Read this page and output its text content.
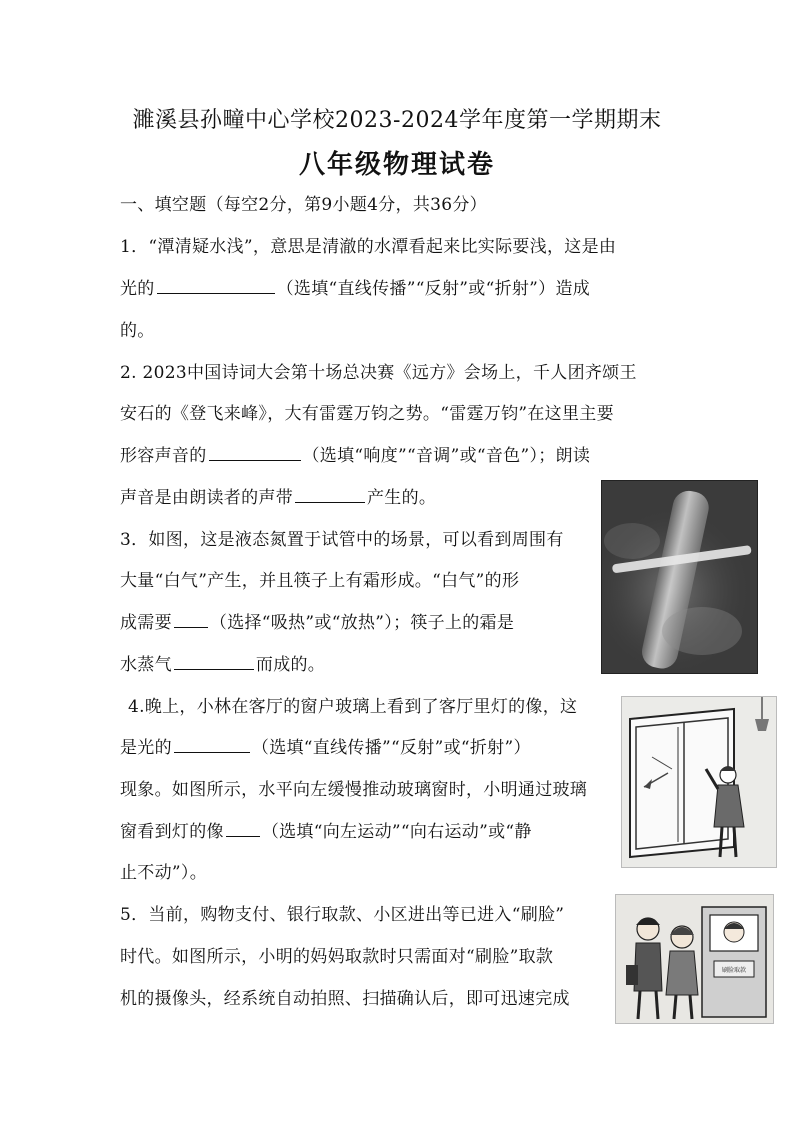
濉溪县孙疃中心学校2023-2024学年度第一学期期末
八年级物理试卷
一、填空题（每空2分，第9小题4分，共36分）
1．“潭清疑水浅”，意思是清澈的水潭看起来比实际要浅，这是由
光的	（选填“直线传播”“反射”或“折射”）造成
的。
2. 2023中国诗词大会第十场总决赛《远方》会场上，千人团齐颂王
安石的《登飞来峰》，大有雷霆万钧之势。“雷霆万钧”在这里主要
形容声音的	（选填“响度”“音调”或“音色”）；朗读
声音是由朗读者的声带	产生的。
3．如图，这是液态氮置于试管中的场景，可以看到周围有
大量“白气”产生，并且筷子上有霜形成。“白气”的形
成需要 （选择“吸热”或“放热”）；筷子上的霜是
水蒸气	而成的。
4.晚上，小林在客厅的窗户玻璃上看到了客厅里灯的像，这
是光的	（选填“直线传播”“反射”或“折射”）
现象。如图所示，水平向左缓慢推动玻璃窗时，小明通过玻璃
窗看到灯的像 （选填“向左运动”“向右运动”或“静
止不动”）。
5．当前，购物支付、银行取款、小区进出等已进入“刷脸”
时代。如图所示，小明的妈妈取款时只需面对“刷脸”取款
机的摄像头，经系统自动拍照、扫描确认后，即可迅速完成
刷脸取款
